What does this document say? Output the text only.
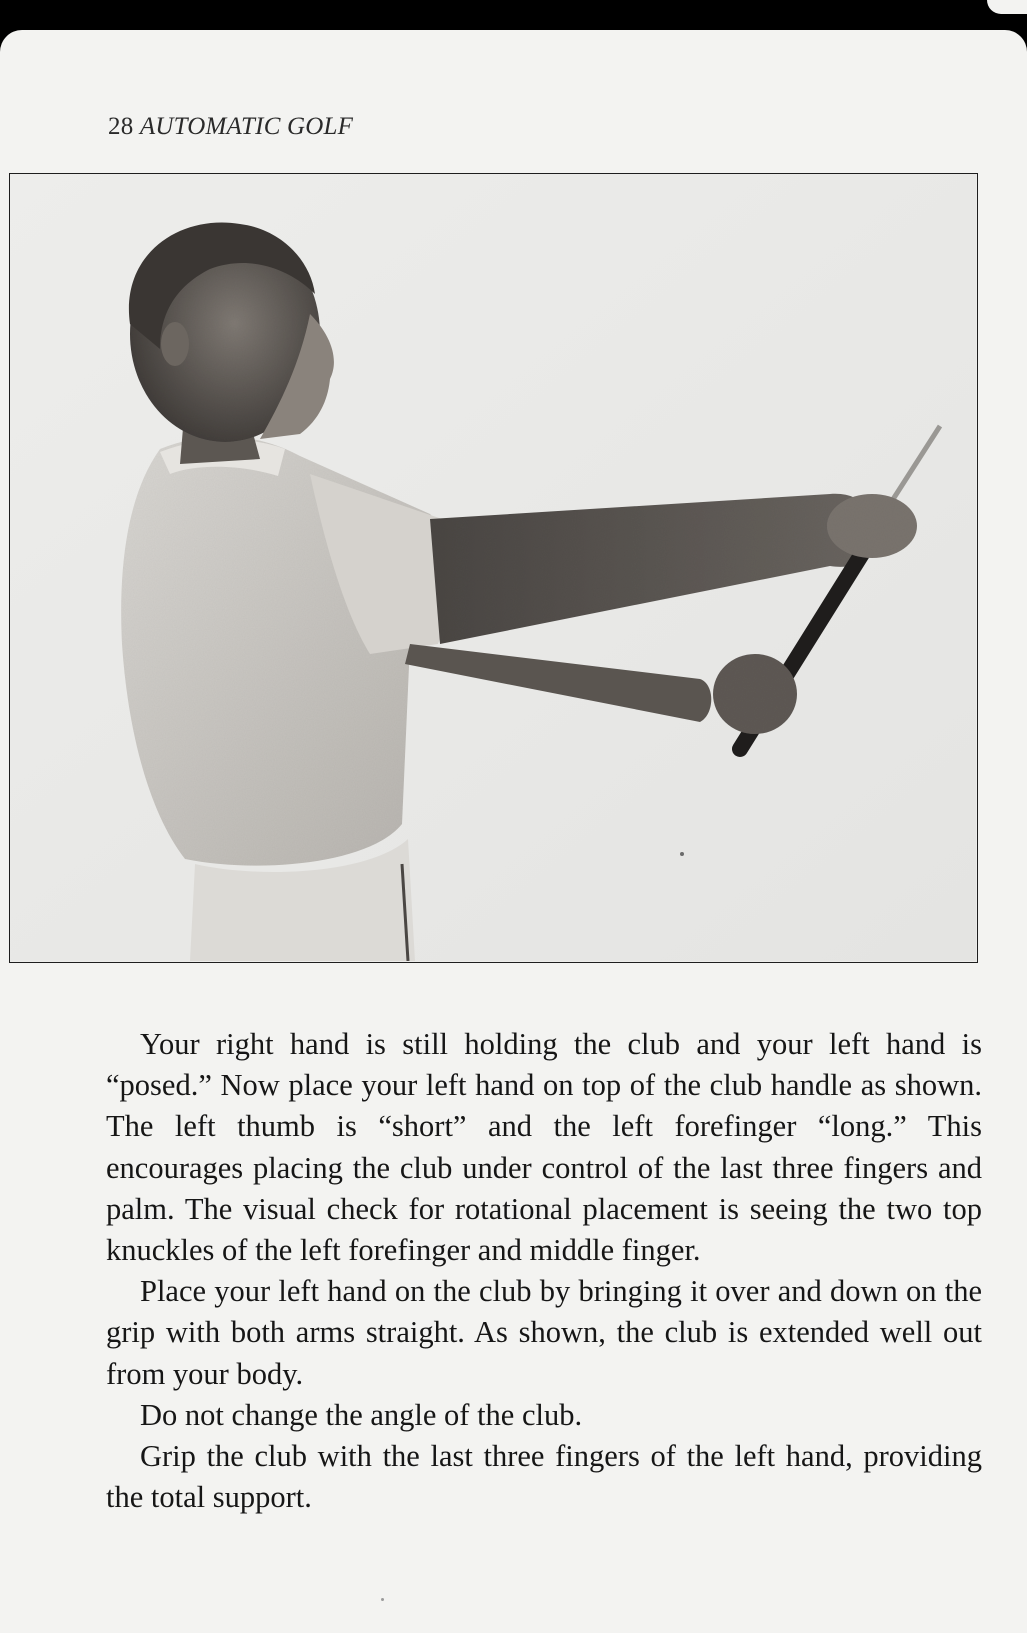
28 AUTOMATIC GOLF

Your right hand is still holding the club and your left hand is “posed.” Now place your left hand on top of the club handle as shown. The left thumb is “short” and the left forefinger “long.” This encourages placing the club under control of the last three fingers and palm. The visual check for rotational placement is seeing the two top knuckles of the left forefinger and middle finger.

Place your left hand on the club by bringing it over and down on the grip with both arms straight. As shown, the club is extended well out from your body.

Do not change the angle of the club.

Grip the club with the last three fingers of the left hand, providing the total support.
